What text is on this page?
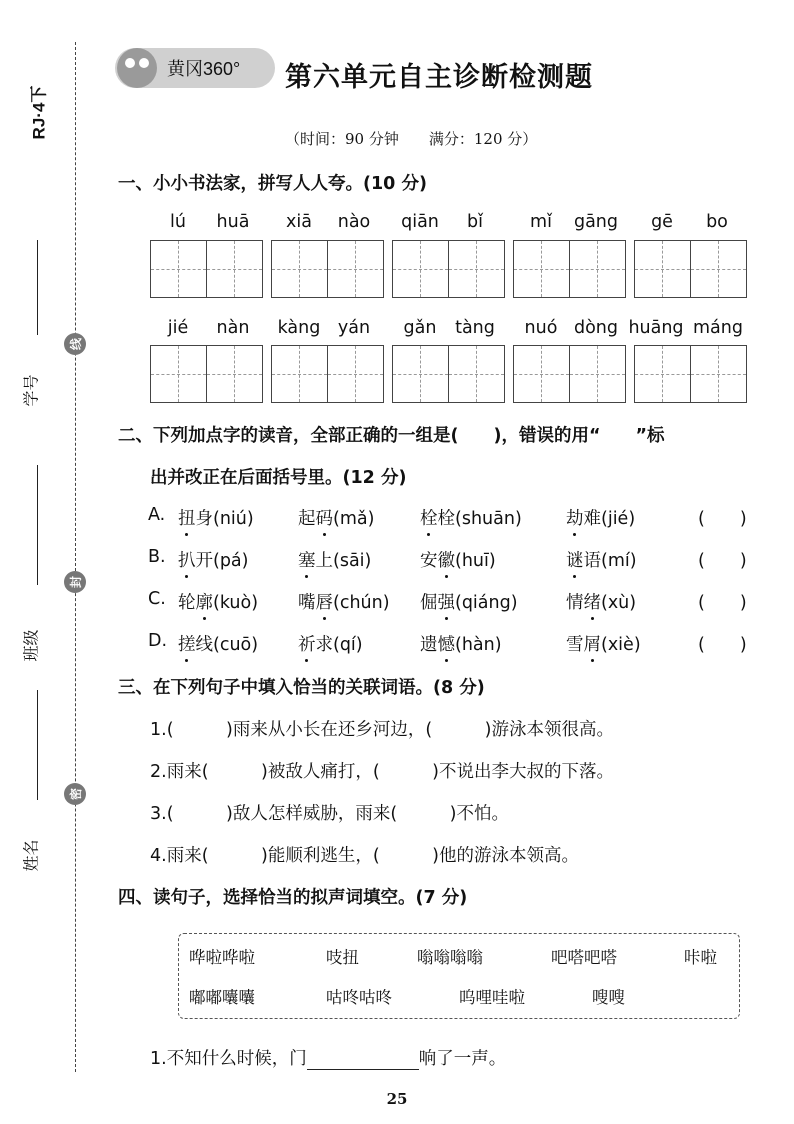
RJ·4下
学号
班级
姓名
线
封
密
黄冈360° 第六单元自主诊断检测题
（时间：90 分钟　　满分：120 分）
一、小小书法家，拼写人人夸。(10 分)
lú	huā	xiā	nào	qiān	bǐ	mǐ	gāng	gē	bo
jié	nàn	kàng	yán	gǎn	tàng	nuó dòng huāng máng
二、下列加点字的读音，全部正确的一组是(　　)，错误的用“　　”标
出并改正在后面括号里。(12 分)
A. 扭身(niú)	起码(mǎ)	栓栓(shuān)	劫难(jié)	(　　)
B. 扒开(pá)	塞上(sāi)	安徽(huī)	谜语(mí)	(　　)
C. 轮廓(kuò) 嘴唇(chún) 倔强(qiáng)	情绪(xù)	(　　)
D. 搓线(cuō) 祈求(qí)	遗憾(hàn)	雪屑(xiè)	(　　)
三、在下列句子中填入恰当的关联词语。(8 分)
1.(　　　)雨来从小长在还乡河边，(　　　)游泳本领很高。
2.雨来(　　　)被敌人痛打，(　　　)不说出李大叔的下落。
3.(　　　)敌人怎样威胁，雨来(　　　)不怕。
4.雨来(　　　)能顺利逃生，(　　　)他的游泳本领高。
四、读句子，选择恰当的拟声词填空。(7 分)
哗啦哗啦	吱扭	嗡嗡嗡嗡	吧嗒吧嗒	咔啦
嘟嘟囔囔	咕咚咕咚	呜哩哇啦	嗖嗖
1.不知什么时候，门	响了一声。
25
